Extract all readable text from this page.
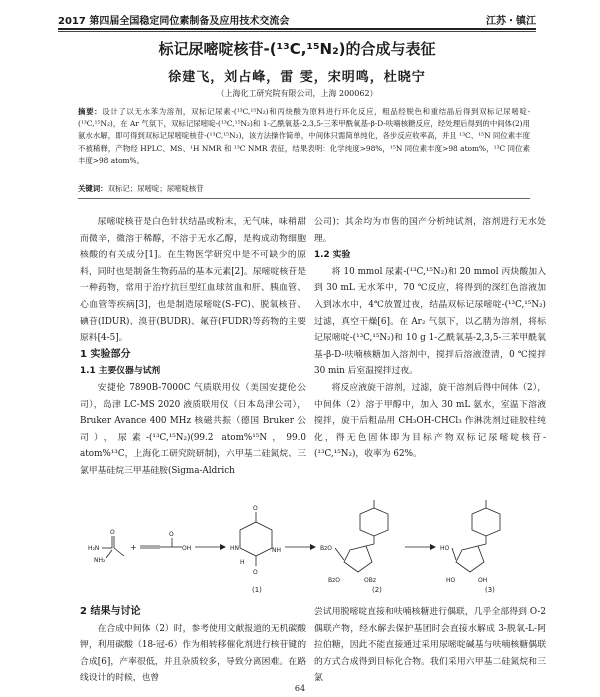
2017 第四届全国稳定同位素制备及应用技术交流会	江苏・镇江
标记尿嘧啶核苷-(¹³C,¹⁵N₂)的合成与表征
徐建飞，刘占峰，雷 雯，宋明鸣，杜晓宁
（上海化工研究院有限公司，上海 200062）
摘要：设计了以无水苯为溶剂，双标记尿素-(¹³C,¹⁵N₂)和丙炔酸为原料进行环化反应，粗品经脱色和重结晶后得到双标记尿嘧啶-(¹³C,¹⁵N₂)，在 Ar 气氛下，双标记尿嘧啶-(¹³C,¹⁵N₂)和 1-乙酰氧基-2,3,5-三苯甲酰氧基-β-D-呋喃核糖反应，经处理后得到的中间体(2)用氨水水解，即可得到双标记尿嘧啶核苷-(¹³C,¹⁵N₂)，该方法操作简单，中间体只需简单纯化，各步反应收率高，并且 ¹³C、¹⁵N 同位素丰度不被稀释，产物经 HPLC、MS、¹H NMR 和 ¹³C NMR 表征，结果表明：化学纯度>98%，¹⁵N 同位素丰度>98 atom%，¹³C 同位素丰度>98 atom%。
关键词：双标记；尿嘧啶；尿嘧啶核苷

尿嘧啶核苷是白色针状结晶或粉末，无气味，味稍甜而微辛，微溶于稀醇，不溶于无水乙醇，是构成动物细胞核酸的有关成分[1]。在生物医学研究中是不可缺少的原料，同时也是制备生物药品的基本元素[2]。尿嘧啶核苷是一种药物，常用于治疗抗巨型红血球贫血和肝、胰血管、心血管等疾病[3]，也是制造尿嘧啶(S-FC)、脱氧核苷、碘苷(IDUR)、溴苷(BUDR)、氟苷(FUDR)等药物的主要原料[4-5]。

1 实验部分

1.1 主要仪器与试剂

安捷伦 7890B-7000C 气质联用仪（美国安捷伦公司），岛津 LC-MS 2020 液质联用仪（日本岛津公司），Bruker Avance 400 MHz 核磁共振（德国 Bruker 公司），尿素-(¹³C,¹⁵N₂)(99.2 atom%¹⁵N，99.0 atom%¹³C，上海化工研究院研制)，六甲基二硅氮烷、三氯甲基硅烷三甲基硅胺(Sigma-Aldrich

公司)；其余均为市售的国产分析纯试剂，溶剂进行无水处理。

1.2 实验

将 10 mmol 尿素-(¹³C,¹⁵N₂)和 20 mmol 丙炔酸加入到 30 mL 无水苯中，70 ℃反应，将得到的深红色溶液加入到冰水中，4℃放置过夜，结晶双标记尿嘧啶-(¹³C,¹⁵N₂)过滤，真空干燥[6]。在 Ar₂ 气氛下，以乙腈为溶剂，将标记尿嘧啶-(¹³C,¹⁵N₂)和 10 g 1-乙酰氧基-2,3,5-三苯甲酰氧基-β-D-呋喃核糖加入溶剂中，搅拌后溶液澄清，0 ℃搅拌 30 min 后室温搅拌过夜。

将反应液旋干溶剂，过滤，旋干溶剂后得中间体（2），中间体（2）溶于甲醇中，加入 30 mL 氨水，室温下溶液搅拌，旋干后粗品用 CH₃OH-CHCl₃ 作淋洗剂过硅胶柱纯化，得无色固体即为目标产物双标记尿嘧啶核苷-(¹³C,¹⁵N₂)，收率为 62%。

H₂N
O
NH₂
+
O
OH
O
O
HN
H
NH
(1)
BzO
BzO	OBz
(2)
HO
HO	OH
(3)

2 结果与讨论

在合成中间体（2）时，参考使用文献报道的无机碳酸钾，利用碳酸（18-冠-6）作为相转移催化剂进行核苷键的合成[6]，产率很低，并且杂质较多，导致分离困难。在路线设计的时候，也曾

尝试用脱嘧啶直接和呋喃核糖进行偶联，几乎全部得到 O-2 偶联产物，经水解去保护基团时会直接水解成 3-脱氧-L-阿拉伯糖，因此不能直接通过采用尿嘧啶碱基与呋喃核糖偶联的方式合成得到目标化合物。我们采用六甲基二硅氮烷和三氯

64
